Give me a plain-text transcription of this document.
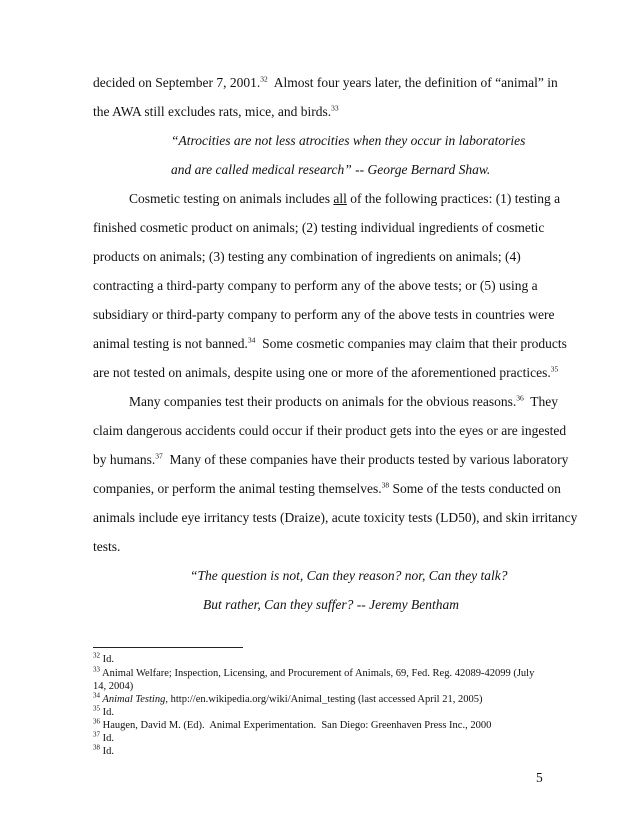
decided on September 7, 2001.32  Almost four years later, the definition of “animal” in
the AWA still excludes rats, mice, and birds.$^{33}$
“Atrocities are not less atrocities when they occur in laboratories
and are called medical research” -- George Bernard Shaw.
Cosmetic testing on animals includes all of the following practices: (1) testing a
finished cosmetic product on animals; (2) testing individual ingredients of cosmetic
products on animals; (3) testing any combination of ingredients on animals; (4)
contracting a third-party company to perform any of the above tests; or (5) using a
subsidiary or third-party company to perform any of the above tests in countries were
animal testing is not banned.$^{34}$  Some cosmetic companies may claim that their products
are not tested on animals, despite using one or more of the aforementioned practices.$^{35}$
Many companies test their products on animals for the obvious reasons.$^{36}$  They
claim dangerous accidents could occur if their product gets into the eyes or are ingested
by humans.$^{37}$  Many of these companies have their products tested by various laboratory
companies, or perform the animal testing themselves.$^{38}$ Some of the tests conducted on
animals include eye irritancy tests (Draize), acute toxicity tests (LD50), and skin irritancy
tests.
“The question is not, Can they reason? nor, Can they talk?
But rather, Can they suffer? -- Jeremy Bentham
$^{32}$ Id.
$^{33}$ Animal Welfare; Inspection, Licensing, and Procurement of Animals, 69, Fed. Reg. 42089-42099 (July
14, 2004)
$^{34}$ Animal Testing, http://en.wikipedia.org/wiki/Animal_testing (last accessed April 21, 2005)
$^{35}$ Id.
$^{36}$ Haugen, David M. (Ed).  Animal Experimentation.  San Diego: Greenhaven Press Inc., 2000
$^{37}$ Id.
$^{38}$ Id.
5
